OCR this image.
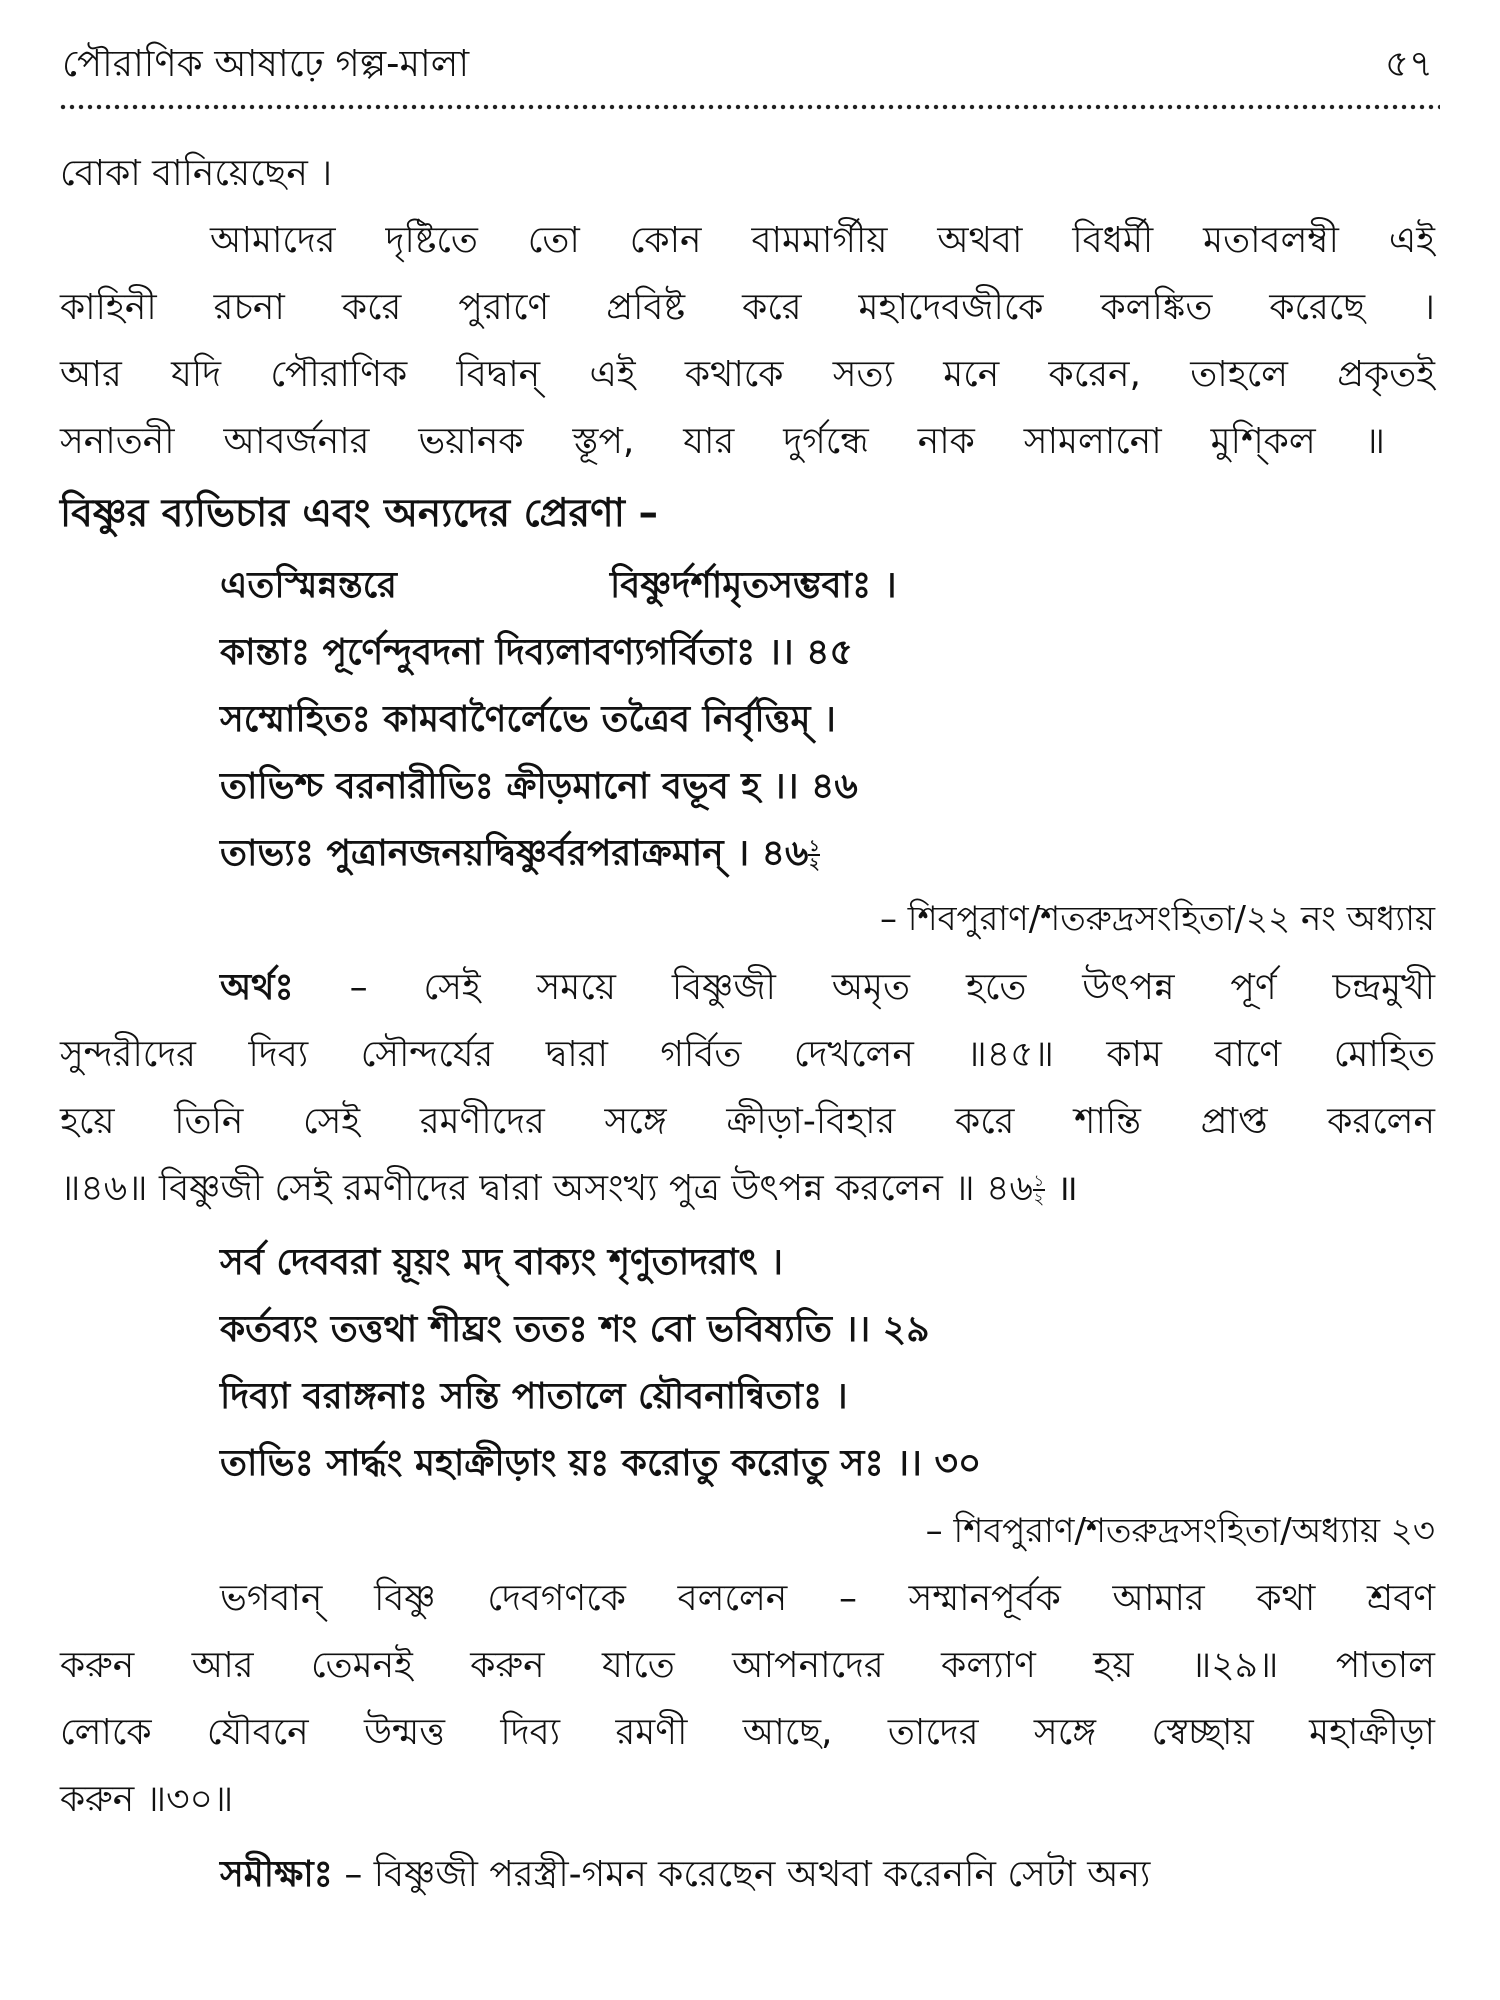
পৌরাণিক আষাঢ়ে গল্প-মালা	৫৭
বোকা বানিয়েছেন ।
আমাদের দৃষ্টিতে তো কোন বামমার্গীয় অথবা বিধর্মী মতাবলম্বী এই
কাহিনী রচনা করে পুরাণে প্রবিষ্ট করে মহাদেবজীকে কলঙ্কিত করেছে ।
আর যদি পৌরাণিক বিদ্বান্ এই কথাকে সত্য মনে করেন, তাহলে প্রকৃতই
সনাতনী আবর্জনার ভয়ানক স্তূপ, যার দুর্গন্ধে নাক সামলানো মুশ্কিল ॥
বিষ্ণুর ব্যভিচার এবং অন্যদের প্রেরণা –
এতস্মিন্নন্তরে	বিষ্ণুর্দর্শামৃতসম্ভবাঃ ।
কান্তাঃ পূর্ণেন্দুবদনা দিব্যলাবণ্যগর্বিতাঃ ।। ৪৫
সম্মোহিতঃ কামবাণৈর্লেভে তত্রৈব নির্বৃত্তিম্ ।
তাভিশ্চ বরনারীভিঃ ক্রীড়মানো বভূব হ ।। ৪৬
তাভ্যঃ পুত্রানজনয়দ্বিষ্ণুর্বরপরাক্রমান্ । ৪৬ $\frac{১}{২}$
– শিবপুরাণ/শতরুদ্রসংহিতা/২২ নং অধ্যায়
অর্থঃ – সেই সময়ে বিষ্ণুজী অমৃত হতে উৎপন্ন পূর্ণ চন্দ্রমুখী
সুন্দরীদের দিব্য সৌন্দর্যের দ্বারা গর্বিত দেখলেন ॥৪৫॥ কাম বাণে মোহিত
হয়ে তিনি সেই রমণীদের সঙ্গে ক্রীড়া-বিহার করে শান্তি প্রাপ্ত করলেন
॥৪৬॥ বিষ্ণুজী সেই রমণীদের দ্বারা অসংখ্য পুত্র উৎপন্ন করলেন ॥ ৪৬ $\frac{১}{২}$ ॥
সর্ব দেববরা য়ূয়ং মদ্ বাক্যং শৃণুতাদরাৎ ।
কর্তব্যং তত্তথা শীঘ্রং ততঃ শং বো ভবিষ্যতি ।। ২৯
দিব্যা বরাঙ্গনাঃ সন্তি পাতালে য়ৌবনান্বিতাঃ ।
তাভিঃ সার্দ্ধং মহাক্রীড়াং য়ঃ করোতু করোতু সঃ ।। ৩০
– শিবপুরাণ/শতরুদ্রসংহিতা/অধ্যায় ২৩
ভগবান্ বিষ্ণু দেবগণকে বললেন – সম্মানপূর্বক আমার কথা শ্রবণ
করুন আর তেমনই করুন যাতে আপনাদের কল্যাণ হয় ॥২৯॥ পাতাল
লোকে যৌবনে উন্মত্ত দিব্য রমণী আছে, তাদের সঙ্গে স্বেচ্ছায় মহাক্রীড়া
করুন ॥৩০॥
সমীক্ষাঃ – বিষ্ণুজী পরস্ত্রী-গমন করেছেন অথবা করেননি সেটা অন্য
